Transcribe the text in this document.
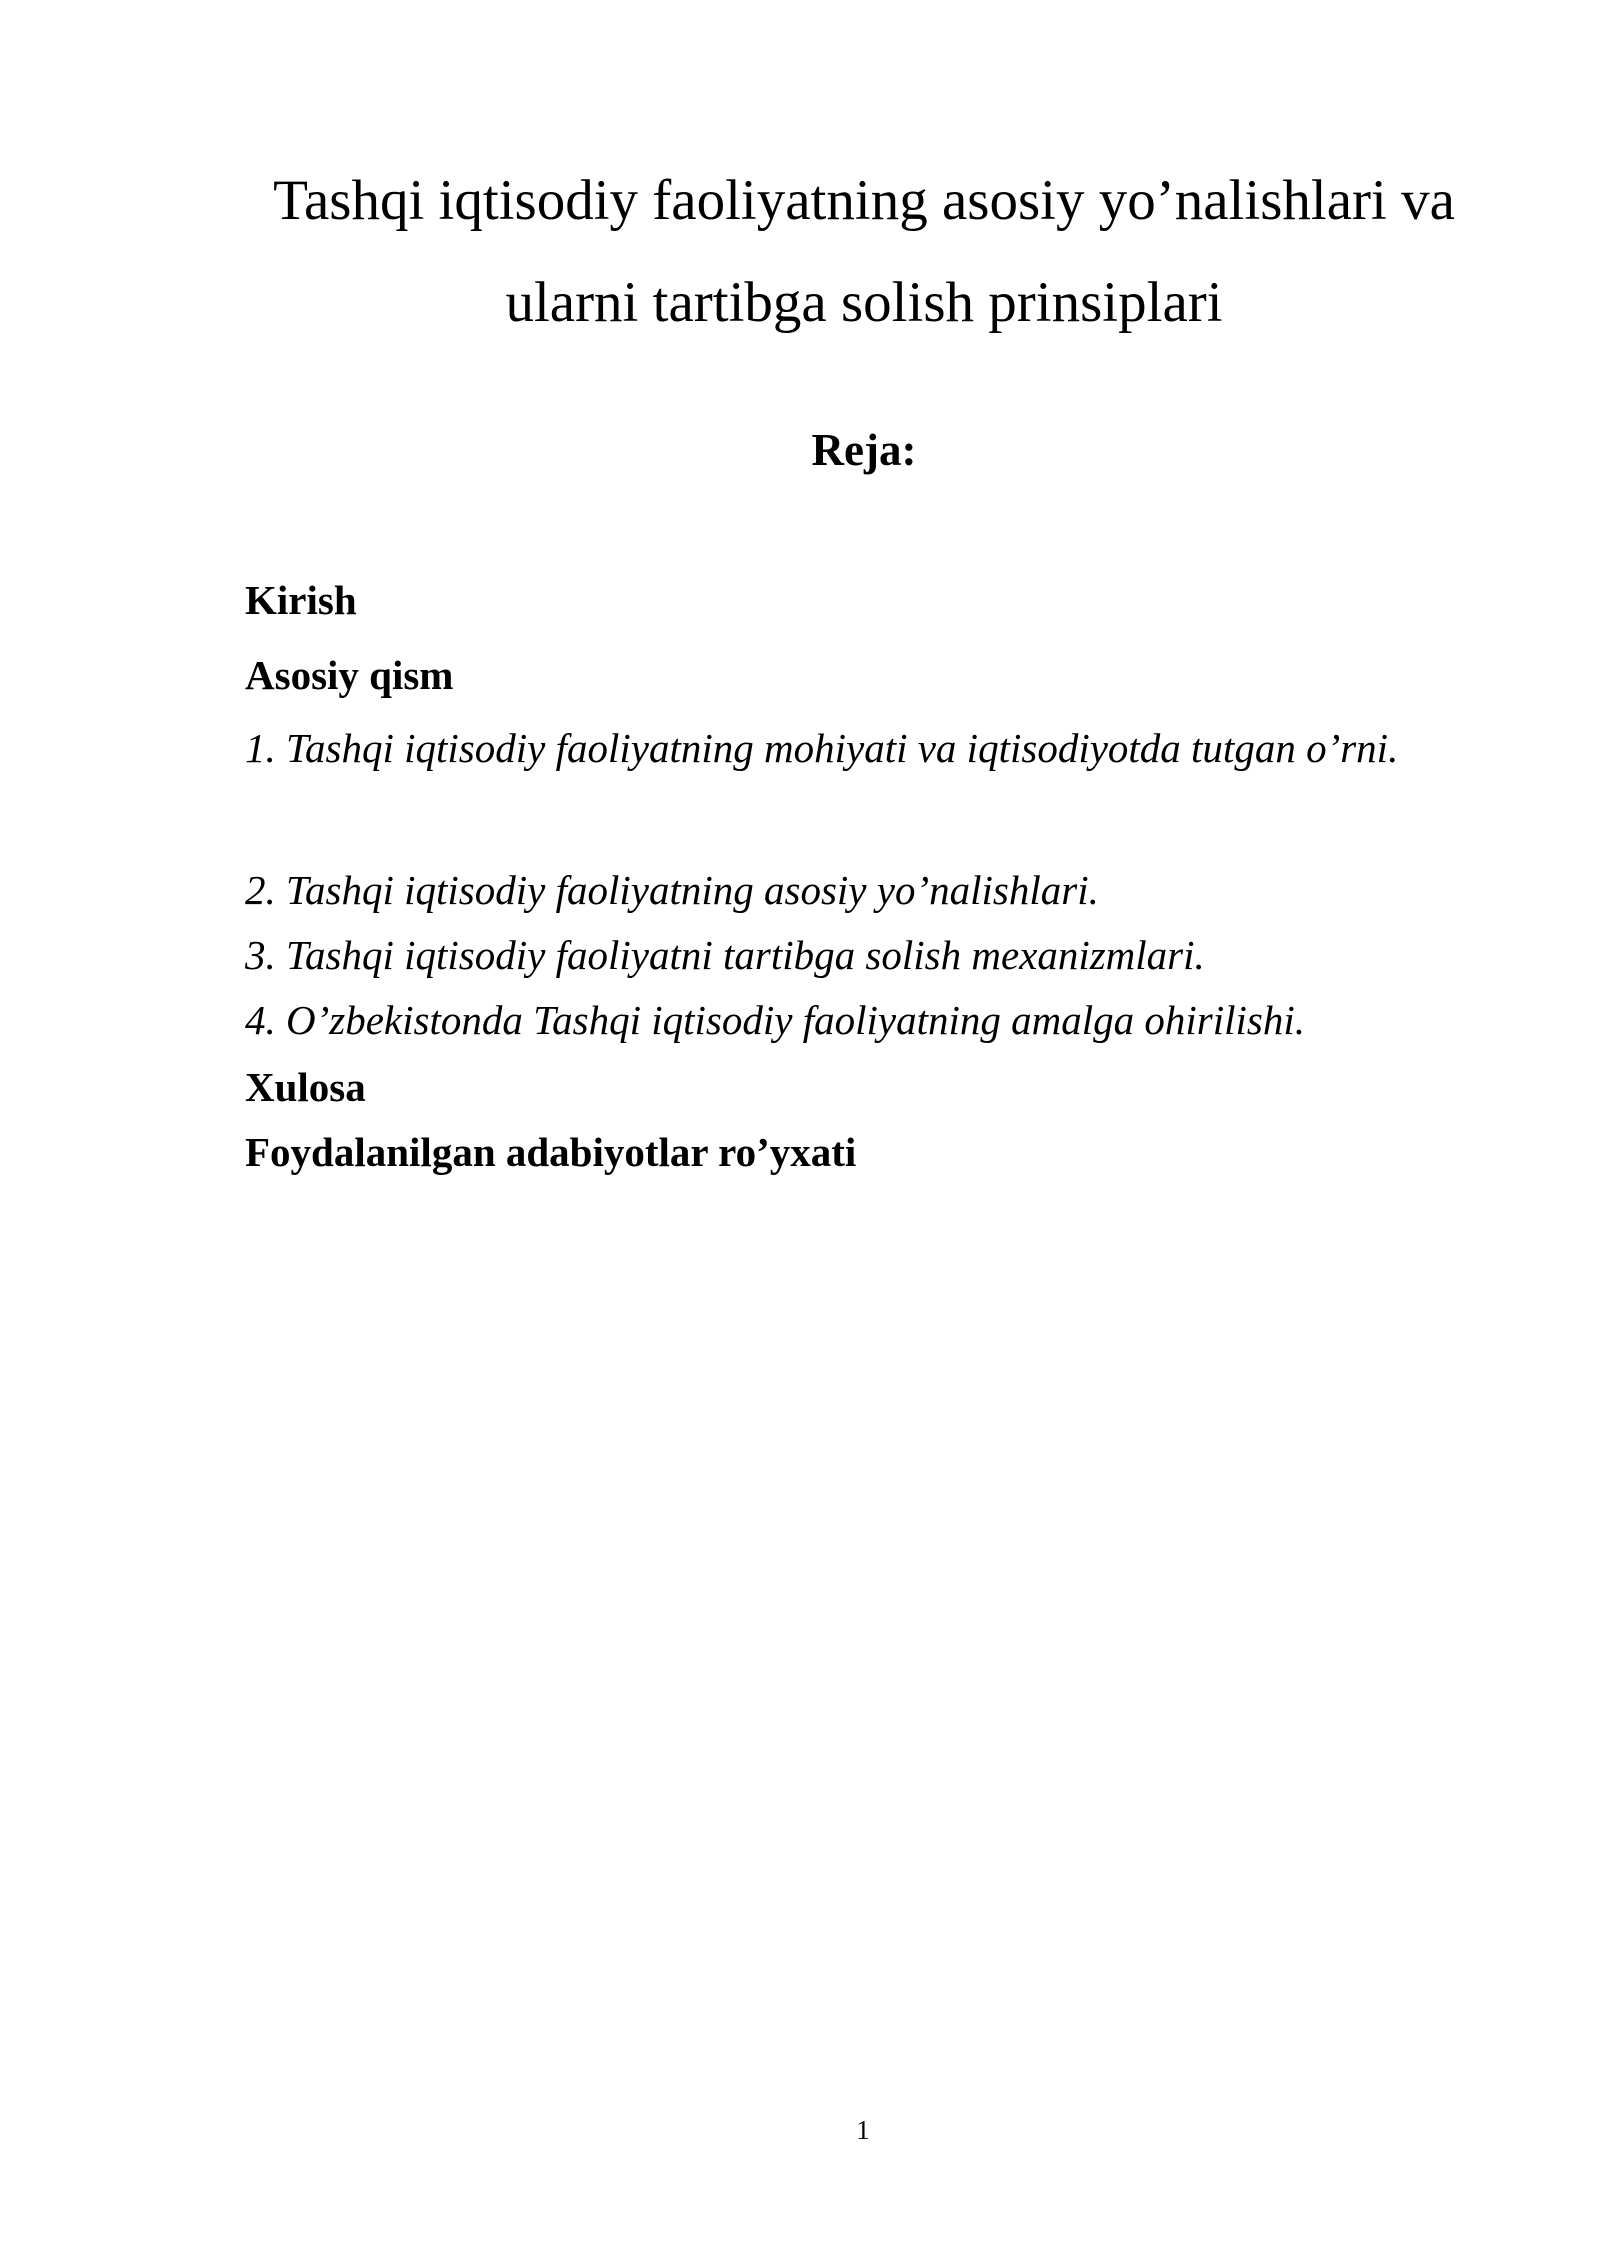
Tashqi iqtisodiy faoliyatning asosiy yo’nalishlari va ularni tartibga solish prinsiplari
Reja:
Kirish
Asosiy qism
1. Tashqi iqtisodiy faoliyatning mohiyati va iqtisodiyotda tutgan o’rni.
2. Tashqi iqtisodiy faoliyatning asosiy yo’nalishlari.
3. Tashqi iqtisodiy faoliyatni tartibga solish mexanizmlari.
4. O’zbekistonda Tashqi iqtisodiy faoliyatning amalga ohirilishi.
Xulosa
Foydalanilgan adabiyotlar ro’yxati
1
